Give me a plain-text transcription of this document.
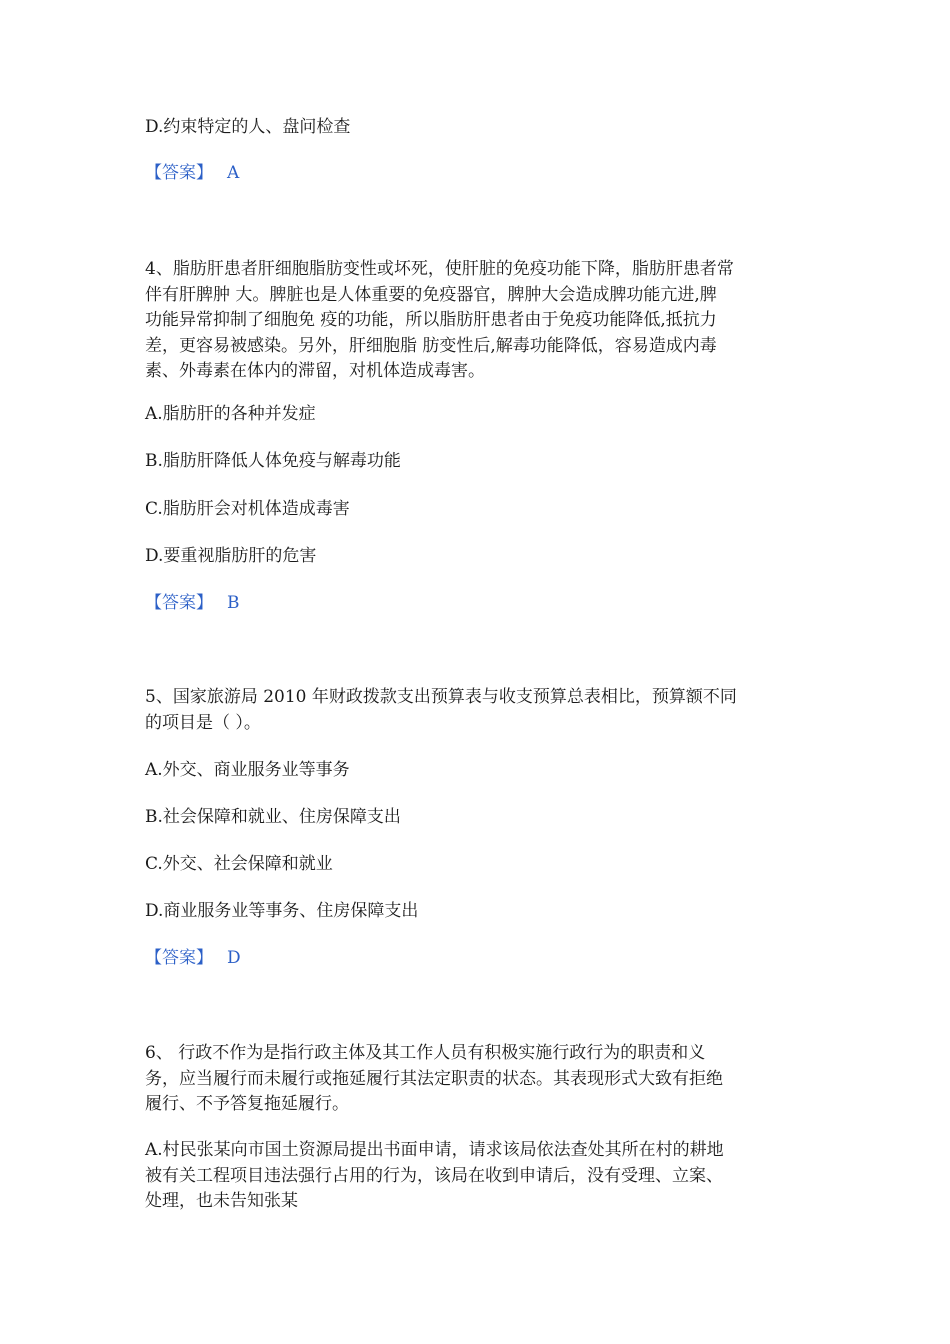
D.约束特定的人、盘问检查
【答案】 A
4、脂肪肝患者肝细胞脂肪变性或坏死，使肝脏的免疫功能下降，脂肪肝患者常
伴有肝脾肿 大。脾脏也是人体重要的免疫器官，脾肿大会造成脾功能亢进,脾
功能异常抑制了细胞免 疫的功能，所以脂肪肝患者由于免疫功能降低,抵抗力
差，更容易被感染。另外，肝细胞脂 肪变性后,解毒功能降低，容易造成内毒
素、外毒素在体内的滞留，对机体造成毒害。
A.脂肪肝的各种并发症
B.脂肪肝降低人体免疫与解毒功能
C.脂肪肝会对机体造成毒害
D.要重视脂肪肝的危害
【答案】 B
5、国家旅游局 2010 年财政拨款支出预算表与收支预算总表相比，预算额不同
的项目是（ ）。
A.外交、商业服务业等事务
B.社会保障和就业、住房保障支出
C.外交、社会保障和就业
D.商业服务业等事务、住房保障支出
【答案】 D
6、 行政不作为是指行政主体及其工作人员有积极实施行政行为的职责和义
务，应当履行而未履行或拖延履行其法定职责的状态。其表现形式大致有拒绝
履行、不予答复拖延履行。
A.村民张某向市国土资源局提出书面申请，请求该局依法查处其所在村的耕地
被有关工程项目违法强行占用的行为，该局在收到申请后，没有受理、立案、
处理，也未告知张某
